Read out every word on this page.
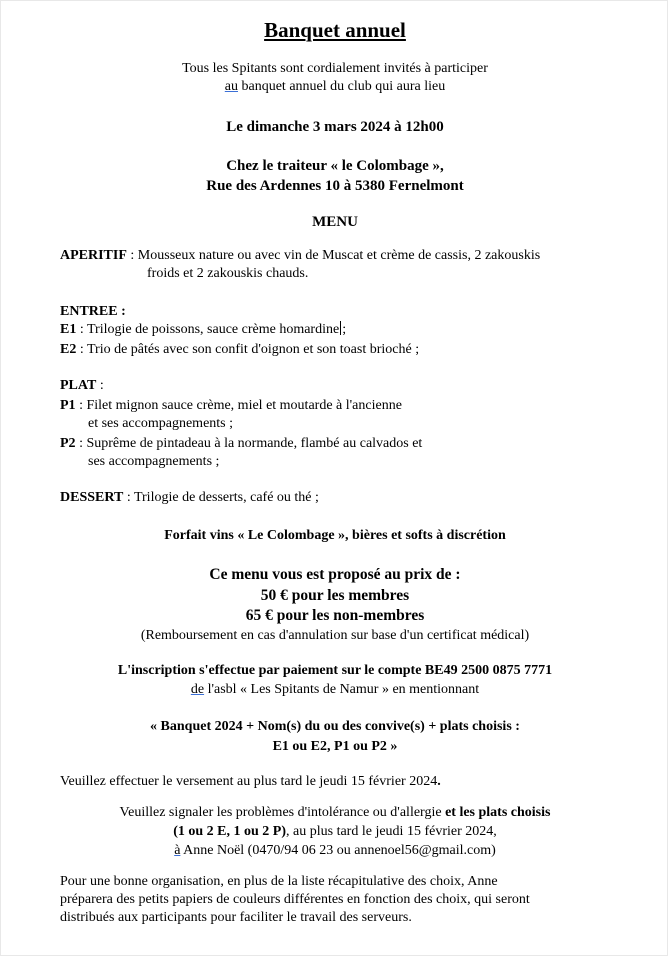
Banquet annuel
Tous les Spitants sont cordialement invités à participer
au banquet annuel du club qui aura lieu
Le dimanche 3 mars 2024 à 12h00
Chez le traiteur « le Colombage »,
Rue des Ardennes 10 à 5380 Fernelmont
MENU
APERITIF : Mousseux nature ou avec vin de Muscat et crème de cassis, 2 zakouskis
froids et 2 zakouskis chauds.
ENTREE :
E1 : Trilogie de poissons, sauce crème homardine ;
E2 : Trio de pâtés avec son confit d'oignon et son toast brioché ;
PLAT :
P1 : Filet mignon sauce crème, miel et moutarde à l'ancienne
et ses accompagnements ;
P2 : Suprême de pintadeau à la normande, flambé au calvados et
ses accompagnements ;
DESSERT : Trilogie de desserts, café ou thé ;
Forfait vins « Le Colombage », bières et softs à discrétion
Ce menu vous est proposé au prix de :
50 € pour les membres
65 € pour les non-membres
(Remboursement en cas d'annulation sur base d'un certificat médical)
L'inscription s'effectue par paiement sur le compte BE49 2500 0875 7771
de l'asbl « Les Spitants de Namur » en mentionnant
« Banquet 2024 + Nom(s) du ou des convive(s) + plats choisis :
E1 ou E2, P1 ou P2 »
Veuillez effectuer le versement au plus tard le jeudi 15 février 2024.
Veuillez signaler les problèmes d'intolérance ou d'allergie et les plats choisis
(1 ou 2 E, 1 ou 2 P), au plus tard le jeudi 15 février 2024,
à Anne Noël (0470/94 06 23 ou annenoel56@gmail.com)
Pour une bonne organisation, en plus de la liste récapitulative des choix, Anne
préparera des petits papiers de couleurs différentes en fonction des choix, qui seront
distribués aux participants pour faciliter le travail des serveurs.
